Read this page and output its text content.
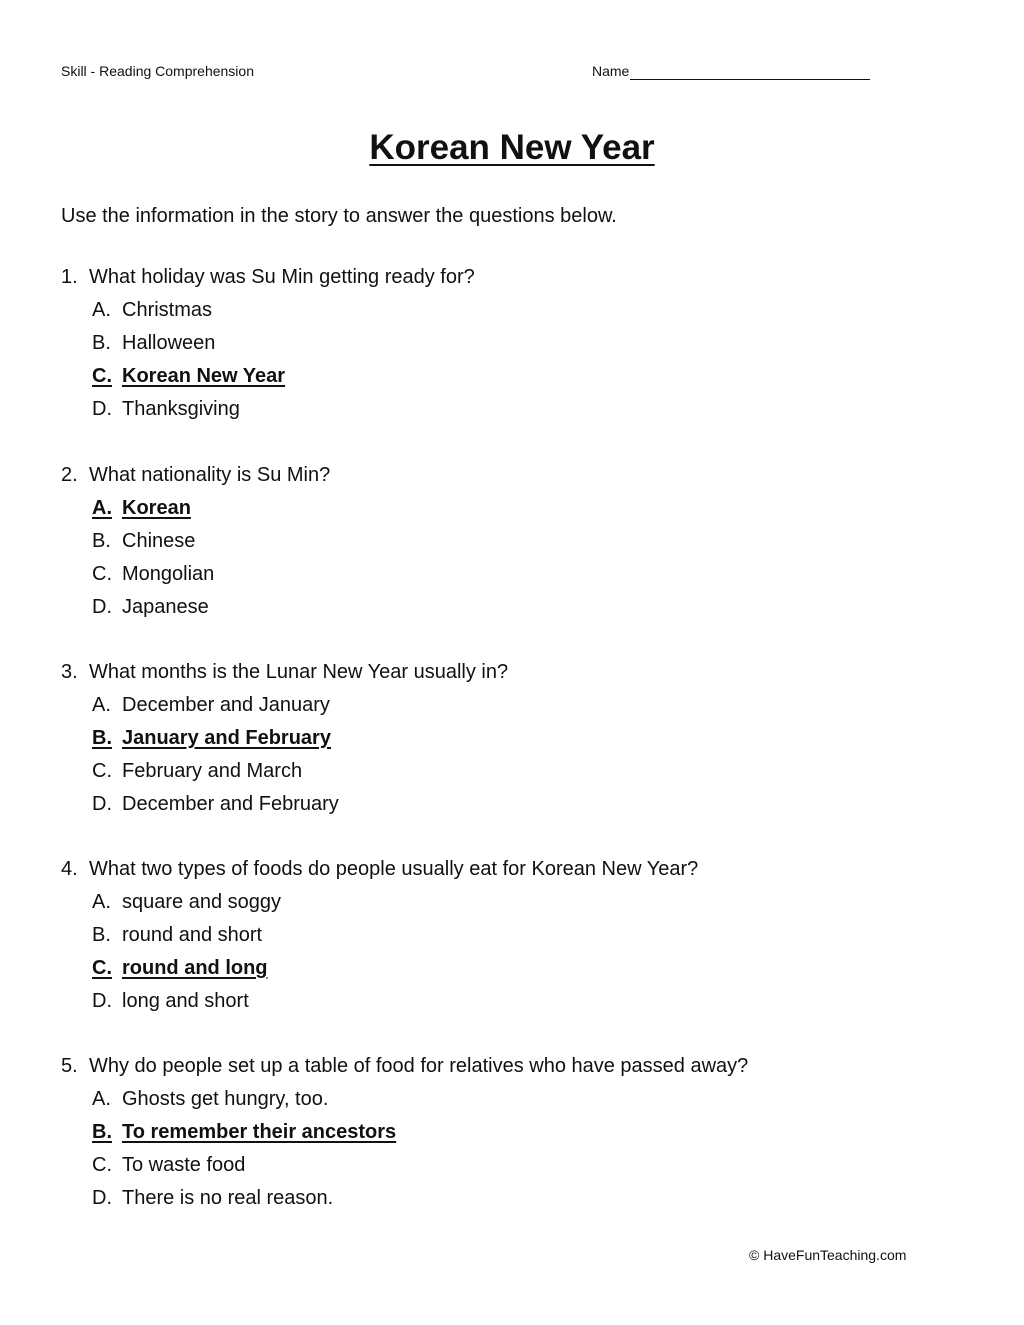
Skill - Reading Comprehension	Name
Korean New Year
Use the information in the story to answer the questions below.
1. What holiday was Su Min getting ready for?
A. Christmas
B. Halloween
C. Korean New Year
D. Thanksgiving
2. What nationality is Su Min?
A. Korean
B. Chinese
C. Mongolian
D. Japanese
3. What months is the Lunar New Year usually in?
A. December and January
B. January and February
C. February and March
D. December and February
4. What two types of foods do people usually eat for Korean New Year?
A. square and soggy
B. round and short
C. round and long
D. long and short
5. Why do people set up a table of food for relatives who have passed away?
A. Ghosts get hungry, too.
B. To remember their ancestors
C. To waste food
D. There is no real reason.
© HaveFunTeaching.com
